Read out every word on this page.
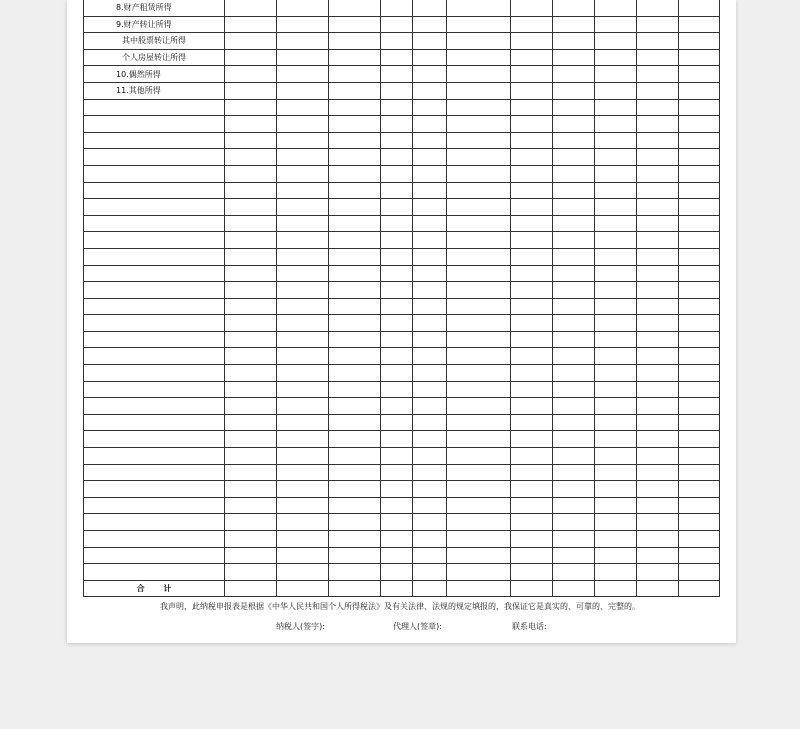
8.财产租赁所得											
9.财产转让所得											
其中股票转让所得											
个人房屋转让所得											
10.偶然所得											
11.其他所得											

合 计											
我声明，此纳税申报表是根据《中华人民共和国个人所得税法》及有关法律、法规的规定填报的，我保证它是真实的、可靠的、完整的。
纳税人(签字):	代理人(签章):	联系电话:
